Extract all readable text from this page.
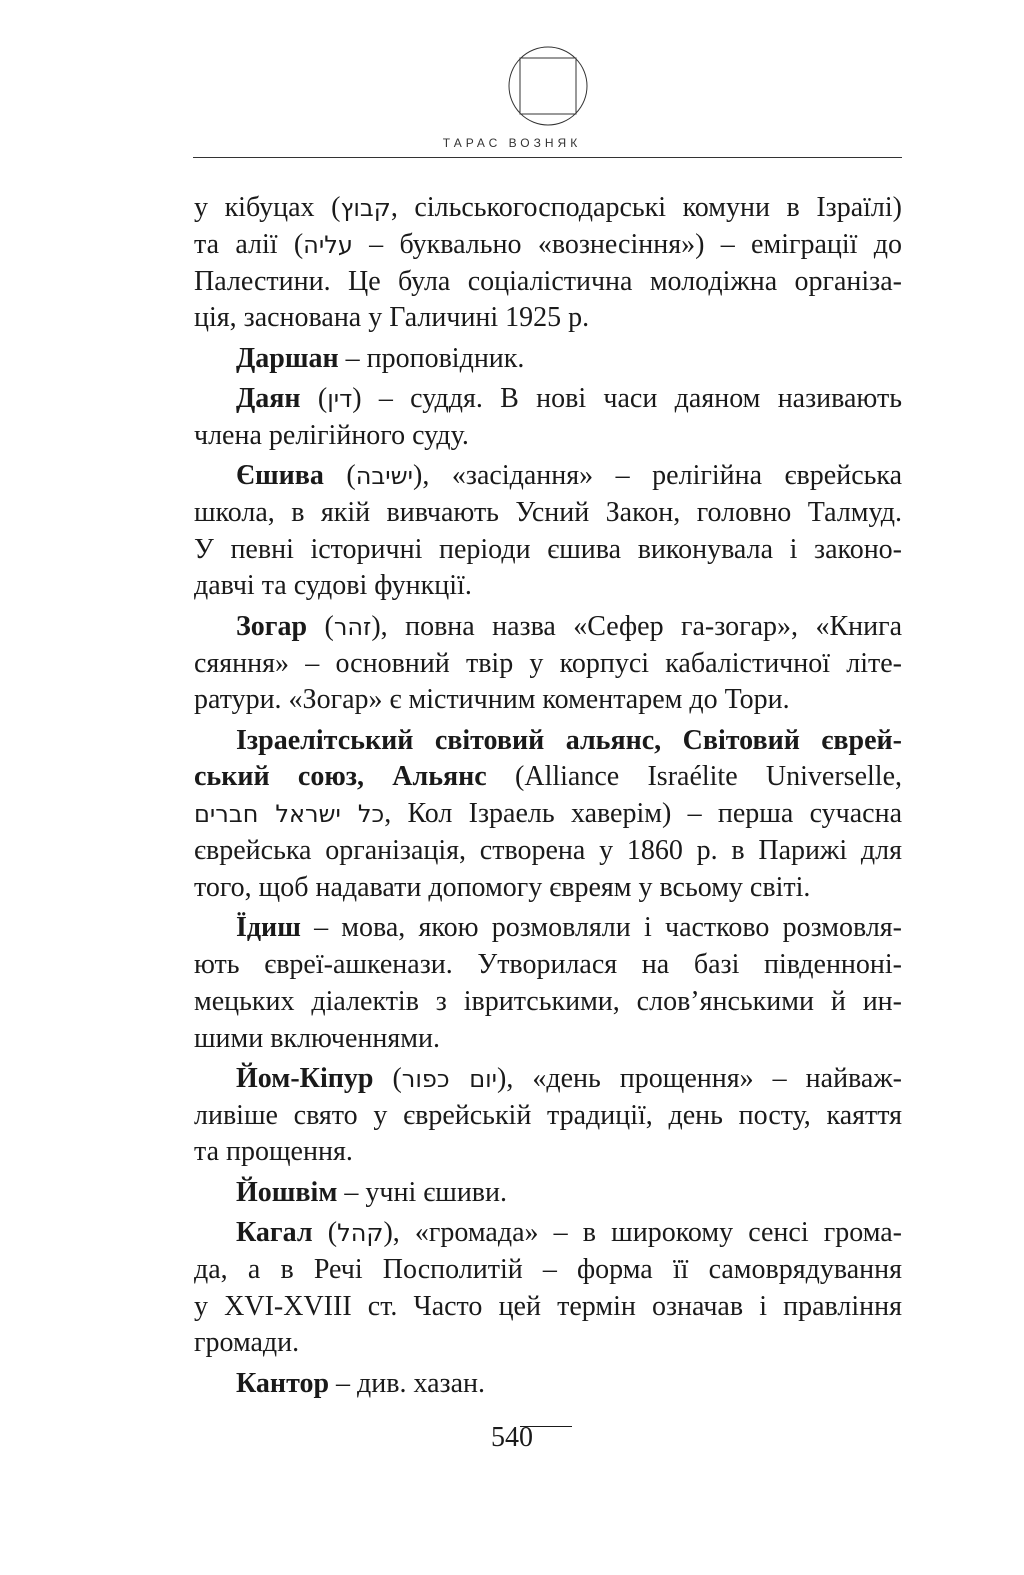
ТАРАС ВОЗНЯК

у кібуцах (קבוץ, сільськогосподарські комуни в Ізраїлі)
та алії (עליה – буквально «вознесіння») – еміграції до
Палестини. Це була соціалістична молодіжна організа-
ція, заснована у Галичині 1925 р.

Даршан – проповідник.

Даян (דין) – суддя. В нові часи даяном називають
члена релігійного суду.

Єшива (ישיבה), «засідання» – релігійна єврейська
школа, в якій вивчають Усний Закон, головно Талмуд.
У певні історичні періоди єшива виконувала і законо-
давчі та судові функції.

Зогар (זהר), повна назва «Сефер га-зогар», «Книга
сяяння» – основний твір у корпусі кабалістичної літе-
ратури. «Зогар» є містичним коментарем до Тори.

Ізраелітський світовий альянс, Світовий єврей-
ський союз, Альянс (Alliance Israélite Universelle,
כל ישראל חברים, Кол Ізраель хаверім) – перша сучасна
єврейська організація, створена у 1860 р. в Парижі для
того, щоб надавати допомогу євреям у всьому світі.

Їдиш – мова, якою розмовляли і частково розмовля-
ють євреї-ашкенази. Утворилася на базі південноні-
мецьких діалектів з івритськими, слов’янськими й ин-
шими включеннями.

Йом-Кіпур (יום כפור), «день прощення» – найваж-
ливіше свято у єврейській традиції, день посту, каяття
та прощення.

Йошвім – учні єшиви.

Кагал (קהל), «громада» – в широкому сенсі грома-
да, а в Речі Посполитій – форма її самоврядування
у XVI-XVIII ст. Часто цей термін означав і правління
громади.

Кантор – див. хазан.

540
